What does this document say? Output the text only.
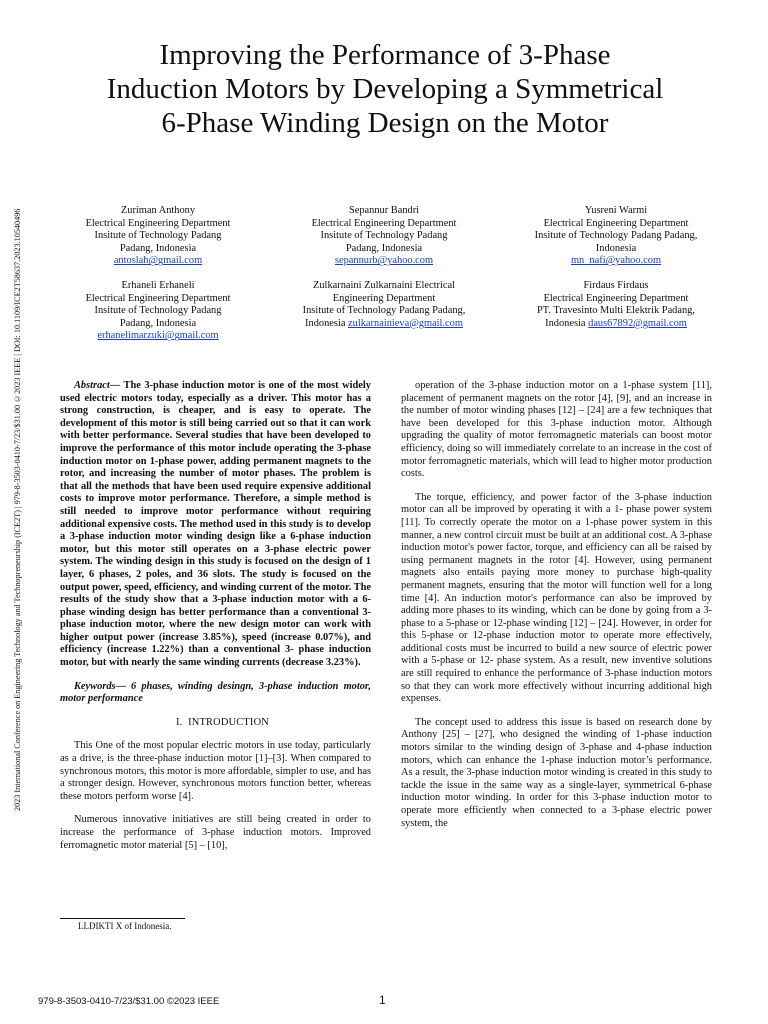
2023 International Conference on Engineering Technology and Technopreneurship (ICE2T) | 979-8-3503-0410-7/23/$31.00 ©2023 IEEE | DOI: 10.1109/ICE2T58637.2023.10540496
Improving the Performance of 3-Phase
Induction Motors by Developing a Symmetrical
6-Phase Winding Design on the Motor
Zuriman Anthony
Electrical Engineering Department
Insitute of Technology Padang
Padang, Indonesia
antoslah@gmail.com
Sepannur Bandri
Electrical Engineering Department
Insitute of Technology Padang
Padang, Indonesia
sepannurb@yahoo.com
Yusreni Warmi
Electrical Engineering Department
Insitute of Technology Padang Padang,
Indonesia
mn_nafi@yahoo.com
Erhaneli Erhaneli
Electrical Engineering Department
Insitute of Technology Padang
Padang, Indonesia
erhanelimarzuki@gmail.com
Zulkarnaini Zulkarnaini Electrical
Engineering Department
Insitute of Technology Padang Padang,
Indonesia zulkarnainieva@gmail.com
Firdaus Firdaus
Electrical Engineering Department
PT. Travesinto Multi Elektrik Padang,
Indonesia daus67892@gmail.com

Abstract— The 3-phase induction motor is one of the most widely used electric motors today, especially as a driver. This motor has a strong construction, is cheaper, and is easy to operate. The development of this motor is still being carried out so that it can work with better performance. Several studies that have been developed to improve the performance of this motor include operating the 3-phase induction motor on 1-phase power, adding permanent magnets to the rotor, and increasing the number of motor phases. The problem is that all the methods that have been used require expensive additional costs to improve motor performance. Therefore, a simple method is still needed to improve motor performance without requiring additional expensive costs. The method used in this study is to develop a 3-phase induction motor winding design like a 6-phase induction motor, but this motor still operates on a 3-phase electric power system. The winding design in this study is focused on the design of 1 layer, 6 phases, 2 poles, and 36 slots. The study is focused on the output power, speed, efficiency, and winding current of the motor. The results of the study show that a 3-phase induction motor with a 6-phase winding design has better performance than a conventional 3- phase induction motor, where the new design motor can work with higher output power (increase 3.85%), speed (increase 0.07%), and efficiency (increase 1.22%) than a conventional 3- phase induction motor, but with nearly the same winding currents (decrease 3.23%).

Keywords— 6 phases, winding desingn, 3-phase induction motor, motor performance

I. INTRODUCTION

This One of the most popular electric motors in use today, particularly as a drive, is the three-phase induction motor [1]–[3]. When compared to synchronous motors, this motor is more affordable, simpler to use, and has a stronger design. However, synchronous motors function better, whereas these motors perform worse [4].

Numerous innovative initiatives are still being created in order to increase the performance of 3-phase induction motors. Improved ferromagnetic motor material [5] – [10],

operation of the 3-phase induction motor on a 1-phase system [11], placement of permanent magnets on the rotor [4], [9], and an increase in the number of motor winding phases [12] – [24] are a few techniques that have been developed for this 3-phase induction motor. Although upgrading the quality of motor ferromagnetic materials can boost motor efficiency, doing so will immediately correlate to an increase in the cost of motor ferromagnetic materials, which will lead to higher motor production costs.

The torque, efficiency, and power factor of the 3-phase induction motor can all be improved by operating it with a 1- phase power system [11]. To correctly operate the motor on a 1-phase power system in this manner, a new control circuit must be built at an additional cost. A 3-phase induction motor's power factor, torque, and efficiency can all be raised by using permanent magnets in the rotor [4]. However, using permanent magnets also entails paying more money to purchase high-quality permanent magnets, ensuring that the motor will function well for a long time [4]. An induction motor's performance can also be improved by adding more phases to its winding, which can be done by going from a 3- phase to a 5-phase or 12-phase winding [12] – [24]. However, in order for this 5-phase or 12-phase induction motor to operate more effectively, additional costs must be incurred to build a new source of electric power with a 5-phase or 12- phase system. As a result, new inventive solutions are still required to enhance the performance of 3-phase induction motors so that they can work more effectively without incurring additional high expenses.

The concept used to address this issue is based on research done by Anthony [25] – [27], who designed the winding of 1-phase induction motors similar to the winding design of 3-phase and 4-phase induction motors, which can enhance the 1-phase induction motor’s performance. As a result, the 3-phase induction motor winding is created in this study to tackle the issue in the same way as a single-layer, symmetrical 6-phase induction motor winding. In order for this 3-phase induction motor to operate more efficiently when connected to a 3-phase electric power system, the

LLDIKTI X of Indonesia.
979-8-3503-0410-7/23/$31.00 ©2023 IEEE	1
